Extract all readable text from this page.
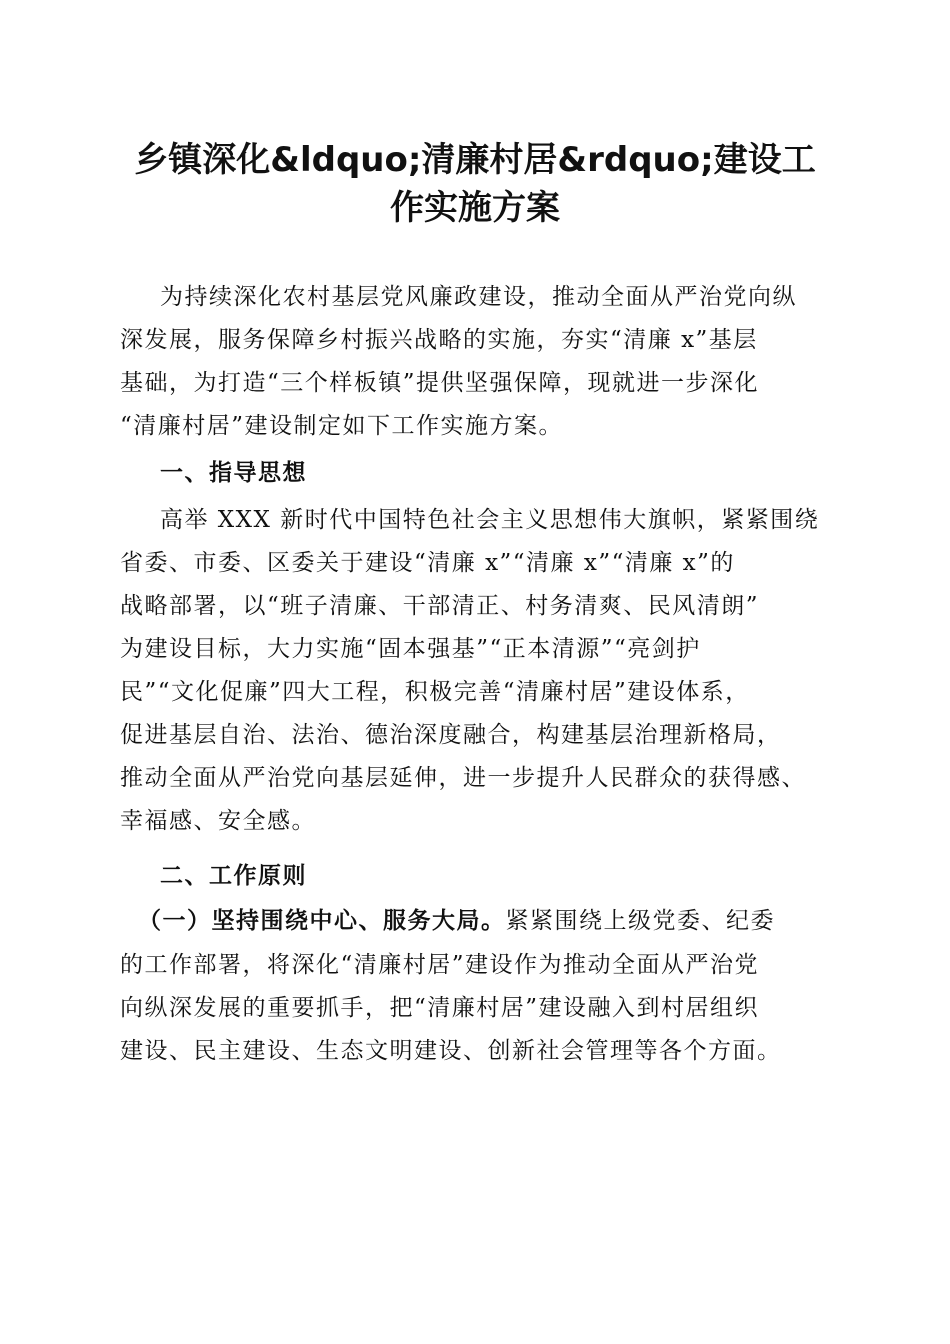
乡镇深化&ldquo;清廉村居&rdquo;建设工
作实施方案

为持续深化农村基层党风廉政建设，推动全面从严治党向纵

深发展，服务保障乡村振兴战略的实施，夯实“清廉 x”基层

基础，为打造“三个样板镇”提供坚强保障，现就进一步深化

“清廉村居”建设制定如下工作实施方案。

一、指导思想

高举 XXX 新时代中国特色社会主义思想伟大旗帜，紧紧围绕

省委、市委、区委关于建设“清廉 x”“清廉 x”“清廉 x”的

战略部署，以“班子清廉、干部清正、村务清爽、民风清朗”

为建设目标，大力实施“固本强基”“正本清源”“亮剑护

民”“文化促廉”四大工程，积极完善“清廉村居”建设体系，

促进基层自治、法治、德治深度融合，构建基层治理新格局，

推动全面从严治党向基层延伸，进一步提升人民群众的获得感、

幸福感、安全感。

二、工作原则

（一）坚持围绕中心、服务大局。紧紧围绕上级党委、纪委

的工作部署，将深化“清廉村居”建设作为推动全面从严治党

向纵深发展的重要抓手，把“清廉村居”建设融入到村居组织

建设、民主建设、生态文明建设、创新社会管理等各个方面。
